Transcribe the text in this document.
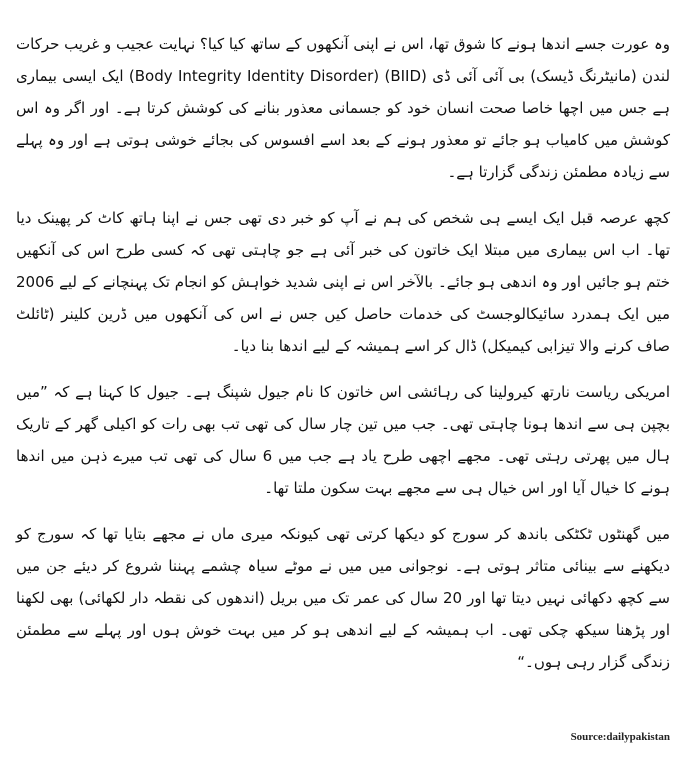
وہ عورت جسے اندھا ہونے کا شوق تھا، اس نے اپنی آنکھوں کے ساتھ کیا کیا؟ نہایت عجیب و غریب حرکات لندن (مانیٹرنگ ڈیسک) بی آئی آئی ڈی (BIID) (Body Integrity Identity Disorder) ایک ایسی بیماری ہے جس میں اچھا خاصا صحت انسان خود کو جسمانی معذور بنانے کی کوشش کرتا ہے۔ اور اگر وہ اس کوشش میں کامیاب ہو جائے تو معذور ہونے کے بعد اسے افسوس کی بجائے خوشی ہوتی ہے اور وہ پہلے سے زیادہ مطمئن زندگی گزارتا ہے۔

کچھ عرصہ قبل ایک ایسے ہی شخص کی ہم نے آپ کو خبر دی تھی جس نے اپنا ہاتھ کاٹ کر پھینک دیا تھا۔ اب اس بیماری میں مبتلا ایک خاتون کی خبر آئی ہے جو چاہتی تھی کہ کسی طرح اس کی آنکھیں ختم ہو جائیں اور وہ اندھی ہو جائے۔ بالآخر اس نے اپنی شدید خواہش کو انجام تک پہنچانے کے لیے 2006 میں ایک ہمدرد سائیکالوجسٹ کی خدمات حاصل کیں جس نے اس کی آنکھوں میں ڈرین کلینر (ٹائلٹ صاف کرنے والا تیزابی کیمیکل) ڈال کر اسے ہمیشہ کے لیے اندھا بنا دیا۔

امریکی ریاست نارتھ کیرولینا کی رہائشی اس خاتون کا نام جیول شپنگ ہے۔ جیول کا کہنا ہے کہ ”میں بچپن ہی سے اندھا ہونا چاہتی تھی۔ جب میں تین چار سال کی تھی تب بھی رات کو اکیلی گھر کے تاریک ہال میں پھرتی رہتی تھی۔ مجھے اچھی طرح یاد ہے جب میں 6 سال کی تھی تب میرے ذہن میں اندھا ہونے کا خیال آیا اور اس خیال ہی سے مجھے بہت سکون ملتا تھا۔

میں گھنٹوں ٹکٹکی باندھ کر سورج کو دیکھا کرتی تھی کیونکہ میری ماں نے مجھے بتایا تھا کہ سورج کو دیکھنے سے بینائی متاثر ہوتی ہے۔ نوجوانی میں میں نے موٹے سیاہ چشمے پہننا شروع کر دیئے جن میں سے کچھ دکھائی نہیں دیتا تھا اور 20 سال کی عمر تک میں بریل (اندھوں کی نقطہ دار لکھائی) بھی لکھنا اور پڑھنا سیکھ چکی تھی۔ اب ہمیشہ کے لیے اندھی ہو کر میں بہت خوش ہوں اور پہلے سے مطمئن زندگی گزار رہی ہوں۔“

Source:dailypakistan
